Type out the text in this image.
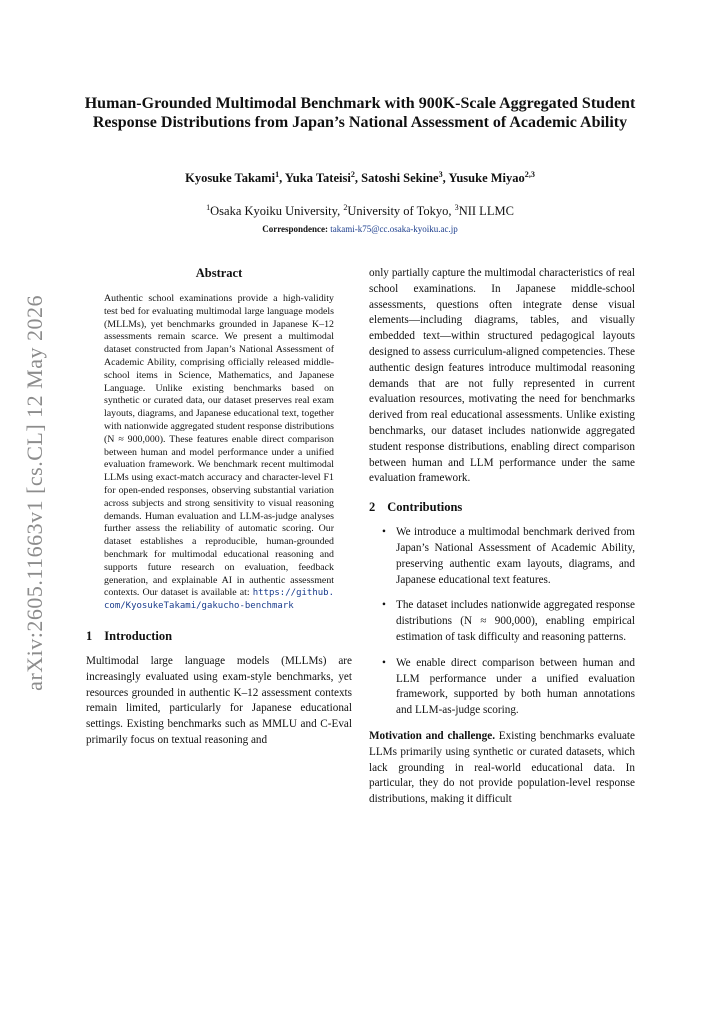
arXiv:2605.11663v1 [cs.CL] 12 May 2026
Human-Grounded Multimodal Benchmark with 900K-Scale Aggregated Student Response Distributions from Japan’s National Assessment of Academic Ability
Kyosuke Takami$^1$, Yuka Tateisi$^2$, Satoshi Sekine$^3$, Yusuke Miyao$^{2,3}$
$^1$Osaka Kyoiku University, $^2$University of Tokyo, $^3$NII LLMC
Correspondence: takami-k75@cc.osaka-kyoiku.ac.jp
Abstract
Authentic school examinations provide a high-validity test bed for evaluating multimodal large language models (MLLMs), yet benchmarks grounded in Japanese K–12 assessments remain scarce. We present a multimodal dataset constructed from Japan’s National Assessment of Academic Ability, comprising officially released middle-school items in Science, Mathematics, and Japanese Language. Unlike existing benchmarks based on synthetic or curated data, our dataset preserves real exam layouts, diagrams, and Japanese educational text, together with nationwide aggregated student response distributions (N ≈ 900,000). These features enable direct comparison between human and model performance under a unified evaluation framework. We benchmark recent multimodal LLMs using exact-match accuracy and character-level F1 for open-ended responses, observing substantial variation across subjects and strong sensitivity to visual reasoning demands. Human evaluation and LLM-as-judge analyses further assess the reliability of automatic scoring. Our dataset establishes a reproducible, human-grounded benchmark for multimodal educational reasoning and supports future research on evaluation, feedback generation, and explainable AI in authentic assessment contexts. Our dataset is available at: https://github.com/KyosukeTakami/gakucho-benchmark
1 Introduction

Multimodal large language models (MLLMs) are increasingly evaluated using exam-style benchmarks, yet resources grounded in authentic K–12 assessment contexts remain limited, particularly for Japanese educational settings. Existing benchmarks such as MMLU and C-Eval primarily focus on textual reasoning and

only partially capture the multimodal characteristics of real school examinations. In Japanese middle-school assessments, questions often integrate dense visual elements—including diagrams, tables, and visually embedded text—within structured pedagogical layouts designed to assess curriculum-aligned competencies. These authentic design features introduce multimodal reasoning demands that are not fully represented in current evaluation resources, motivating the need for benchmarks derived from real educational assessments. Unlike existing benchmarks, our dataset includes nationwide aggregated student response distributions, enabling direct comparison between human and LLM performance under the same evaluation framework.

2 Contributions
• We introduce a multimodal benchmark derived from Japan’s National Assessment of Academic Ability, preserving authentic exam layouts, diagrams, and Japanese educational text features.
• The dataset includes nationwide aggregated response distributions (N ≈ 900,000), enabling empirical estimation of task difficulty and reasoning patterns.
• We enable direct comparison between human and LLM performance under a unified evaluation framework, supported by both human annotations and LLM-as-judge scoring.

Motivation and challenge. Existing benchmarks evaluate LLMs primarily using synthetic or curated datasets, which lack grounding in real-world educational data. In particular, they do not provide population-level response distributions, making it difficult
